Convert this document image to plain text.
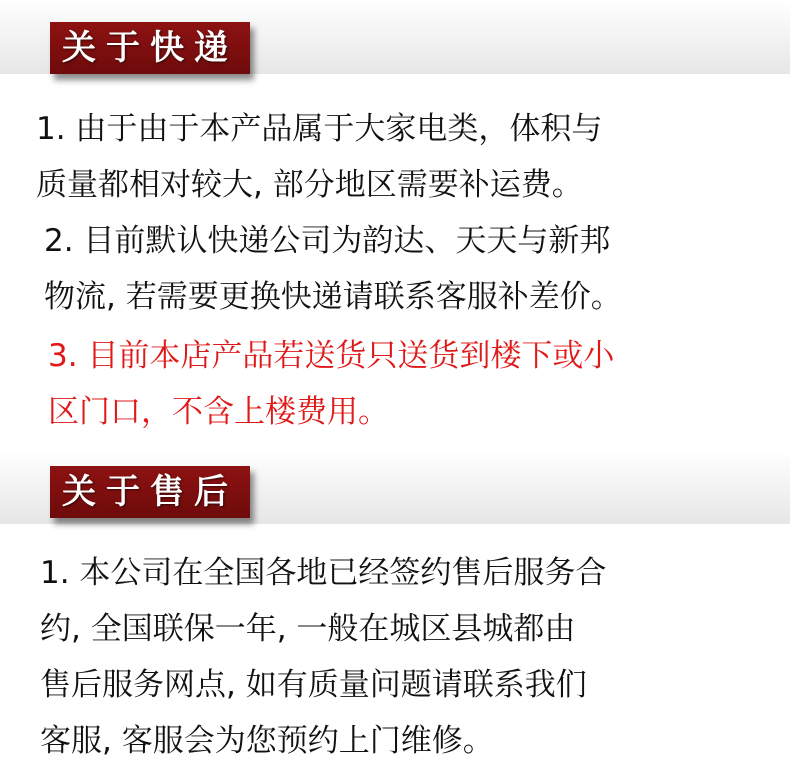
关于快递
1. 由于由于本产品属于大家电类，体积与
质量都相对较大, 部分地区需要补运费。
2. 目前默认快递公司为韵达、天天与新邦
物流, 若需要更换快递请联系客服补差价。
3. 目前本店产品若送货只送货到楼下或小
区门口，不含上楼费用。
关于售后
1. 本公司在全国各地已经签约售后服务合
约, 全国联保一年, 一般在城区县城都由
售后服务网点, 如有质量问题请联系我们
客服, 客服会为您预约上门维修。
